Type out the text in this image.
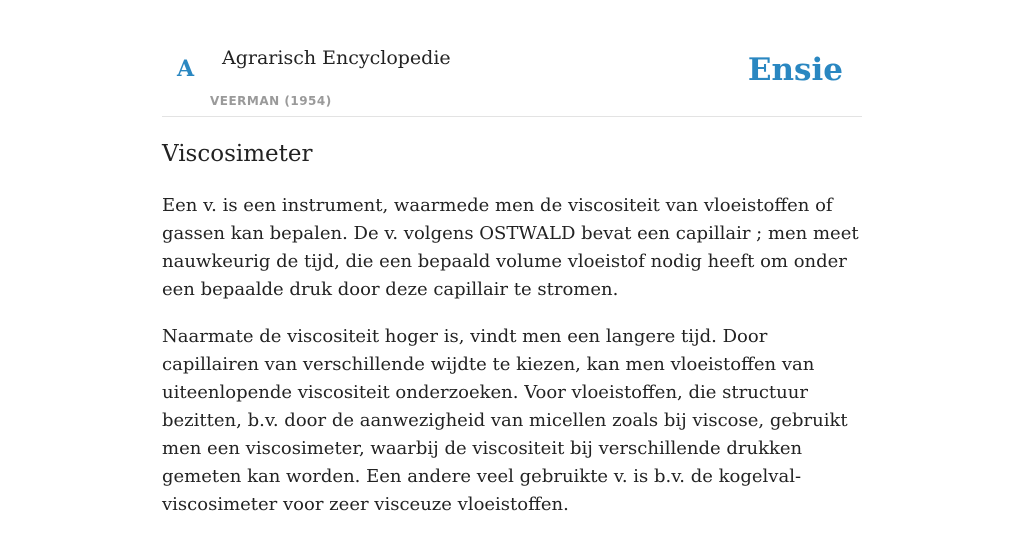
A Agrarisch Encyclopedie
VEERMAN (1954)
Ensie
Viscosimeter

Een v. is een instrument, waarmede men de viscositeit van vloeistoffen of gassen kan bepalen. De v. volgens OSTWALD bevat een capillair ; men meet nauwkeurig de tijd, die een bepaald volume vloeistof nodig heeft om onder een bepaalde druk door deze capillair te stromen.

Naarmate de viscositeit hoger is, vindt men een langere tijd. Door capillairen van verschillende wijdte te kiezen, kan men vloeistoffen van uiteenlopende viscositeit onderzoeken. Voor vloeistoffen, die structuur bezitten, b.v. door de aanwezigheid van micellen zoals bij viscose, gebruikt men een viscosimeter, waarbij de viscositeit bij verschillende drukken gemeten kan worden. Een andere veel gebruikte v. is b.v. de kogelval-viscosimeter voor zeer visceuze vloeistoffen.
